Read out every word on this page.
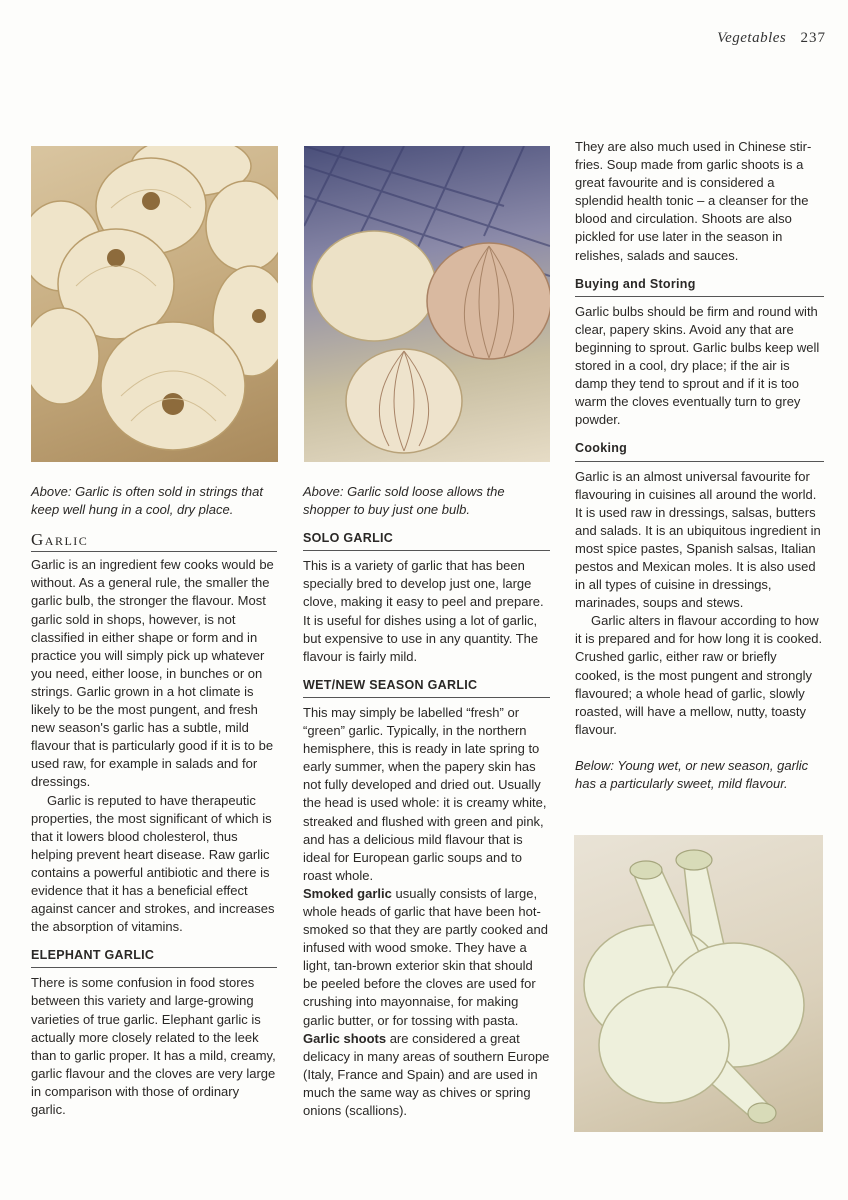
Vegetables 237

Above: Garlic is often sold in strings that keep well hung in a cool, dry place.

Garlic

Garlic is an ingredient few cooks would be without. As a general rule, the smaller the garlic bulb, the stronger the flavour. Most garlic sold in shops, however, is not classified in either shape or form and in practice you will simply pick up whatever you need, either loose, in bunches or on strings. Garlic grown in a hot climate is likely to be the most pungent, and fresh new season's garlic has a subtle, mild flavour that is particularly good if it is to be used raw, for example in salads and for dressings.

Garlic is reputed to have therapeutic properties, the most significant of which is that it lowers blood cholesterol, thus helping prevent heart disease. Raw garlic contains a powerful antibiotic and there is evidence that it has a beneficial effect against cancer and strokes, and increases the absorption of vitamins.

ELEPHANT GARLIC

There is some confusion in food stores between this variety and large-growing varieties of true garlic. Elephant garlic is actually more closely related to the leek than to garlic proper. It has a mild, creamy, garlic flavour and the cloves are very large in comparison with those of ordinary garlic.

Above: Garlic sold loose allows the shopper to buy just one bulb.

SOLO GARLIC

This is a variety of garlic that has been specially bred to develop just one, large clove, making it easy to peel and prepare. It is useful for dishes using a lot of garlic, but expensive to use in any quantity. The flavour is fairly mild.

WET/NEW SEASON GARLIC

This may simply be labelled “fresh” or “green” garlic. Typically, in the northern hemisphere, this is ready in late spring to early summer, when the papery skin has not fully developed and dried out. Usually the head is used whole: it is creamy white, streaked and flushed with green and pink, and has a delicious mild flavour that is ideal for European garlic soups and to roast whole.

Smoked garlic usually consists of large, whole heads of garlic that have been hot-smoked so that they are partly cooked and infused with wood smoke. They have a light, tan-brown exterior skin that should be peeled before the cloves are used for crushing into mayonnaise, for making garlic butter, or for tossing with pasta.

Garlic shoots are considered a great delicacy in many areas of southern Europe (Italy, France and Spain) and are used in much the same way as chives or spring onions (scallions).

They are also much used in Chinese stir-fries. Soup made from garlic shoots is a great favourite and is considered a splendid health tonic – a cleanser for the blood and circulation. Shoots are also pickled for use later in the season in relishes, salads and sauces.

Buying and Storing

Garlic bulbs should be firm and round with clear, papery skins. Avoid any that are beginning to sprout. Garlic bulbs keep well stored in a cool, dry place; if the air is damp they tend to sprout and if it is too warm the cloves eventually turn to grey powder.

Cooking

Garlic is an almost universal favourite for flavouring in cuisines all around the world. It is used raw in dressings, salsas, butters and salads. It is an ubiquitous ingredient in most spice pastes, Spanish salsas, Italian pestos and Mexican moles. It is also used in all types of cuisine in dressings, marinades, soups and stews.

Garlic alters in flavour according to how it is prepared and for how long it is cooked. Crushed garlic, either raw or briefly cooked, is the most pungent and strongly flavoured; a whole head of garlic, slowly roasted, will have a mellow, nutty, toasty flavour.

Below: Young wet, or new season, garlic has a particularly sweet, mild flavour.
